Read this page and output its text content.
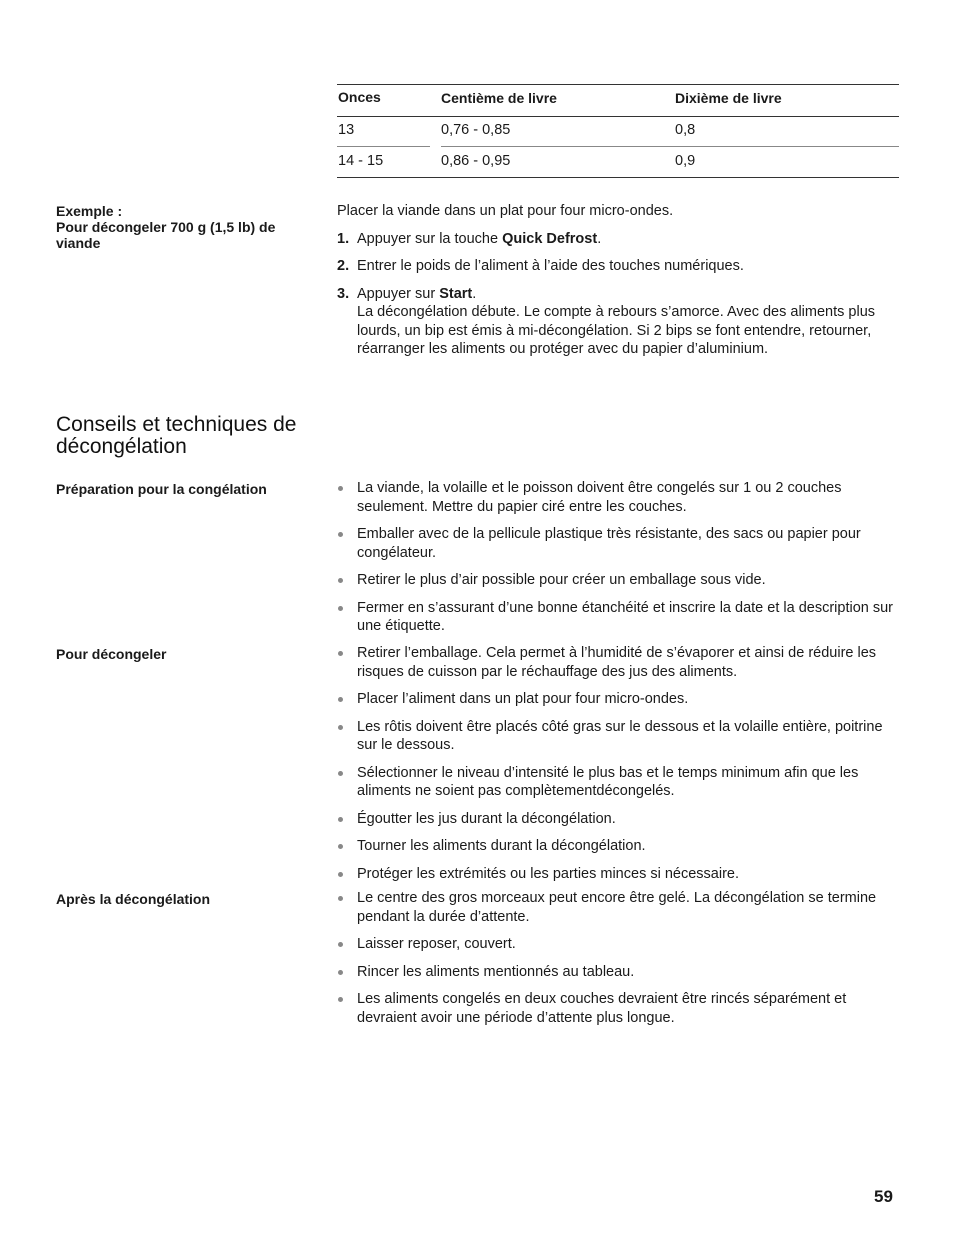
Onces	Centième de livre	Dixième de livre
13	0,76 - 0,85	0,8
14 - 15	0,86 - 0,95	0,9
Exemple :
Pour décongeler 700 g (1,5 lb) de viande

Placer la viande dans un plat pour four micro-ondes.

1. Appuyer sur la touche Quick Defrost.
2. Entrer le poids de l’aliment à l’aide des touches numériques.
3. Appuyer sur Start.
La décongélation débute. Le compte à rebours s’amorce. Avec des aliments plus lourds, un bip est émis à mi-décongélation. Si 2 bips se font entendre, retourner, réarranger les aliments ou protéger avec du papier d’aluminium.
Conseils et techniques de décongélation
Préparation pour la congélation	La viande, la volaille et le poisson doivent être congelés sur 1 ou 2 couches seulement. Mettre du papier ciré entre les couches.
Emballer avec de la pellicule plastique très résistante, des sacs ou papier pour congélateur.
Retirer le plus d’air possible pour créer un emballage sous vide.
Fermer en s’assurant d’une bonne étanchéité et inscrire la date et la description sur une étiquette.
Pour décongeler	Retirer l’emballage. Cela permet à l’humidité de s’évaporer et ainsi de réduire les risques de cuisson par le réchauffage des jus des aliments.
Placer l’aliment dans un plat pour four micro-ondes.
Les rôtis doivent être placés côté gras sur le dessous et la volaille entière, poitrine sur le dessous.
Sélectionner le niveau d’intensité le plus bas et le temps minimum afin que les aliments ne soient pas complètementdécongelés.
Égoutter les jus durant la décongélation.
Tourner les aliments durant la décongélation.
Protéger les extrémités ou les parties minces si nécessaire.
Après la décongélation	Le centre des gros morceaux peut encore être gelé. La décongélation se termine pendant la durée d’attente.
Laisser reposer, couvert.
Rincer les aliments mentionnés au tableau.
Les aliments congelés en deux couches devraient être rincés séparément et devraient avoir une période d’attente plus longue.
59
